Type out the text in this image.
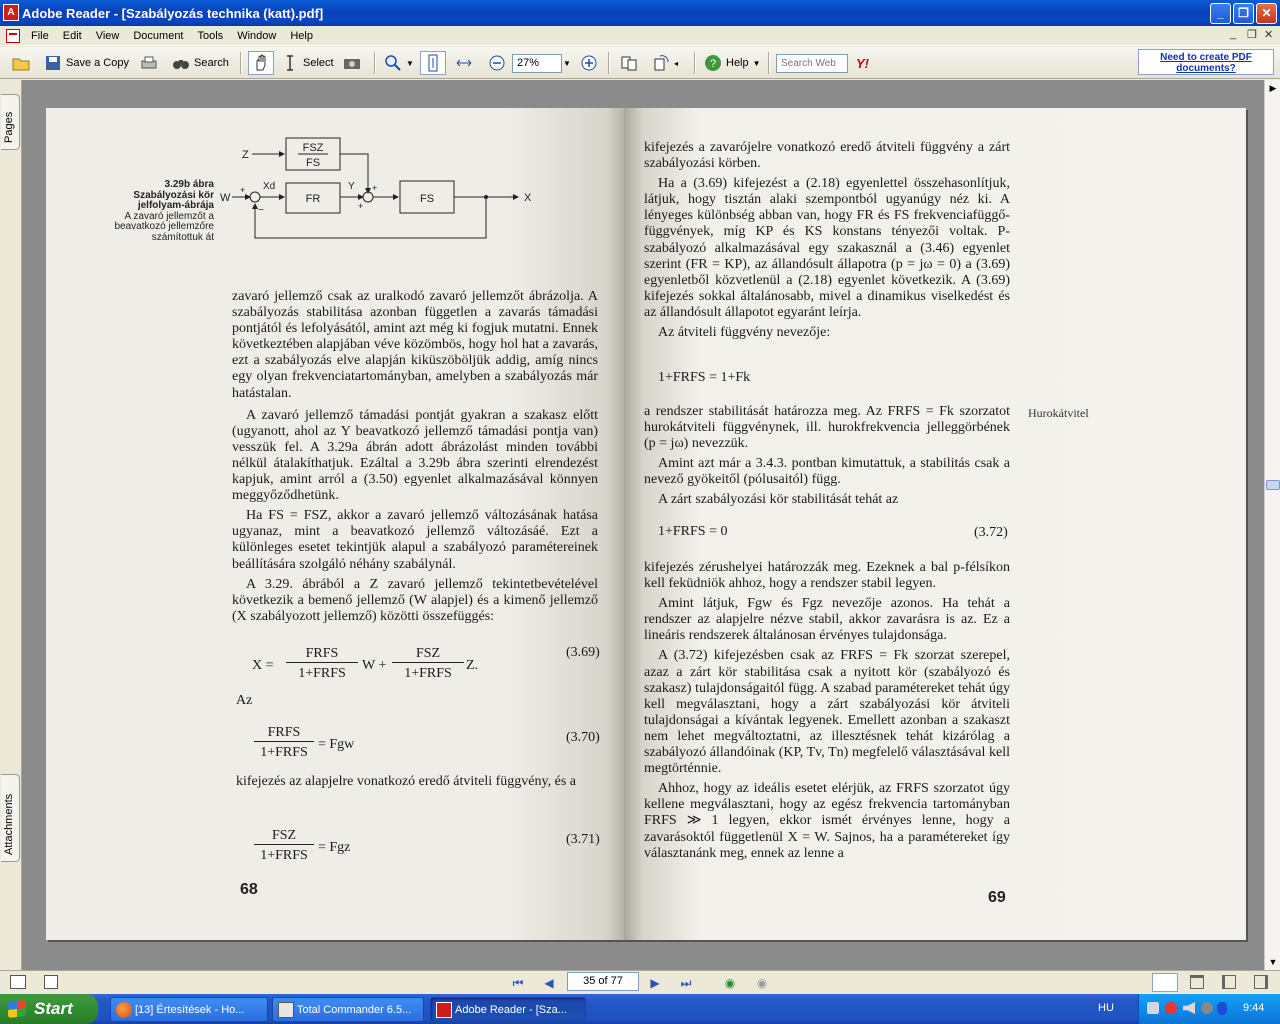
A Adobe Reader - [Szabályozás technika (katt).pdf]	_	❐	✕
File	Edit	View	Document	Tools	Window	Help	_ ❐ ✕
Save a Copy	Search	Select	▼	27%	▼	◂	? Help ▼
Search Web	Y!	Need to create PDF documents?
Pages
Attachments
3.29b ábra
Szabályozási kör jelfolyam-ábrája
A zavaró jellemzőt a beavatkozó jellemzőre számítottuk át
Z
FSZ
FS
W
+
−
Xd
FR
Y +
+
FS	X

zavaró jellemző csak az uralkodó zavaró jellemzőt ábrázolja. A szabályozás stabilitása azonban független a zavarás támadási pontjától és lefolyásától, amint azt még ki fogjuk mutatni. Ennek következtében alapjában véve közömbös, hogy hol hat a zavarás, ezt a szabályozás elve alapján kiküszöböljük addig, amíg nincs egy olyan frekvenciatartományban, amelyben a szabályozás már hatástalan.

A zavaró jellemző támadási pontját gyakran a szakasz előtt (ugyanott, ahol az Y beavatkozó jellemző támadási pontja van) vesszük fel. A 3.29a ábrán adott ábrázolást minden további nélkül átalakíthatjuk. Ezáltal a 3.29b ábra szerinti elrendezést kapjuk, amint arról a (3.50) egyenlet alkalmazásával könnyen meggyőződhetünk.

Ha FS = FSZ, akkor a zavaró jellemző változásának hatása ugyanaz, mint a beavatkozó jellemző változásáé. Ezt a különleges esetet tekintjük alapul a szabályozó paramétereinek beállítására szolgáló néhány szabálynál.

A 3.29. ábrából a Z zavaró jellemző tekintetbevételével következik a bemenő jellemző (W alapjel) és a kimenő jellemző (X szabályozott jellemző) közötti összefüggés:

X =
FRFS
1+FRFS
W +
FSZ
1+FRFS
Z.
(3.69)
Az
FRFS
1+FRFS
= Fgw	(3.70)
kifejezés az alapjelre vonatkozó eredő átviteli függvény, és a
FSZ
1+FRFS
= Fgz
(3.71)
68

kifejezés a zavarójelre vonatkozó eredő átviteli függvény a zárt szabályozási körben.

Ha a (3.69) kifejezést a (2.18) egyenlettel összehasonlítjuk, látjuk, hogy tisztán alaki szempontból ugyanúgy néz ki. A lényeges különbség abban van, hogy FR és FS frekvenciafüggő-függvények, míg KP és KS konstans tényezői voltak. P-szabályozó alkalmazásával egy szakasznál a (3.46) egyenlet szerint (FR = KP), az állandósult állapotra (p = jω = 0) a (3.69) egyenletből közvetlenül a (2.18) egyenlet következik. A (3.69) kifejezés sokkal általánosabb, mivel a dinamikus viselkedést és az állandósult állapotot egyaránt leírja.

Az átviteli függvény nevezője:

1+FRFS = 1+Fk

a rendszer stabilitását határozza meg. Az FRFS = Fk szorzatot hurokátviteli függvénynek, ill. hurokfrekvencia jelleggörbének (p = jω) nevezzük.

Amint azt már a 3.4.3. pontban kimutattuk, a stabilitás csak a nevező gyökeitől (pólusaitól) függ.

A zárt szabályozási kör stabilitását tehát az

Hurokátvitel
1+FRFS = 0	(3.72)

kifejezés zérushelyei határozzák meg. Ezeknek a bal p-félsíkon kell feküdniök ahhoz, hogy a rendszer stabil legyen.

Amint látjuk, Fgw és Fgz nevezője azonos. Ha tehát a rendszer az alapjelre nézve stabil, akkor zavarásra is az. Ez a lineáris rendszerek általánosan érvényes tulajdonsága.

A (3.72) kifejezésben csak az FRFS = Fk szorzat szerepel, azaz a zárt kör stabilitása csak a nyitott kör (szabályozó és szakasz) tulajdonságaitól függ. A szabad paramétereket tehát úgy kell megválasztani, hogy a zárt szabályozási kör átviteli tulajdonságai a kívántak legyenek. Emellett azonban a szakaszt nem lehet megváltoztatni, az illesztésnek tehát kizárólag a szabályozó állandóinak (KP, Tv, Tn) megfelelő választásával kell megtörténnie.

Ahhoz, hogy az ideális esetet elérjük, az FRFS szorzatot úgy kellene megválasztani, hogy az egész frekvencia tartományban FRFS ≫ 1 legyen, ekkor ismét érvényes lenne, hogy a zavarásoktól függetlenül X = W. Sajnos, ha a paramétereket így választanánk meg, ennek az lenne a

69
▶
▼
⏮ ◀	35 of 77	▶ ⏭	◉ ◉
Start	[13] Értesítések - Ho...	Total Commander 6.5...	Adobe Reader - [Sza...	HU	9:44
